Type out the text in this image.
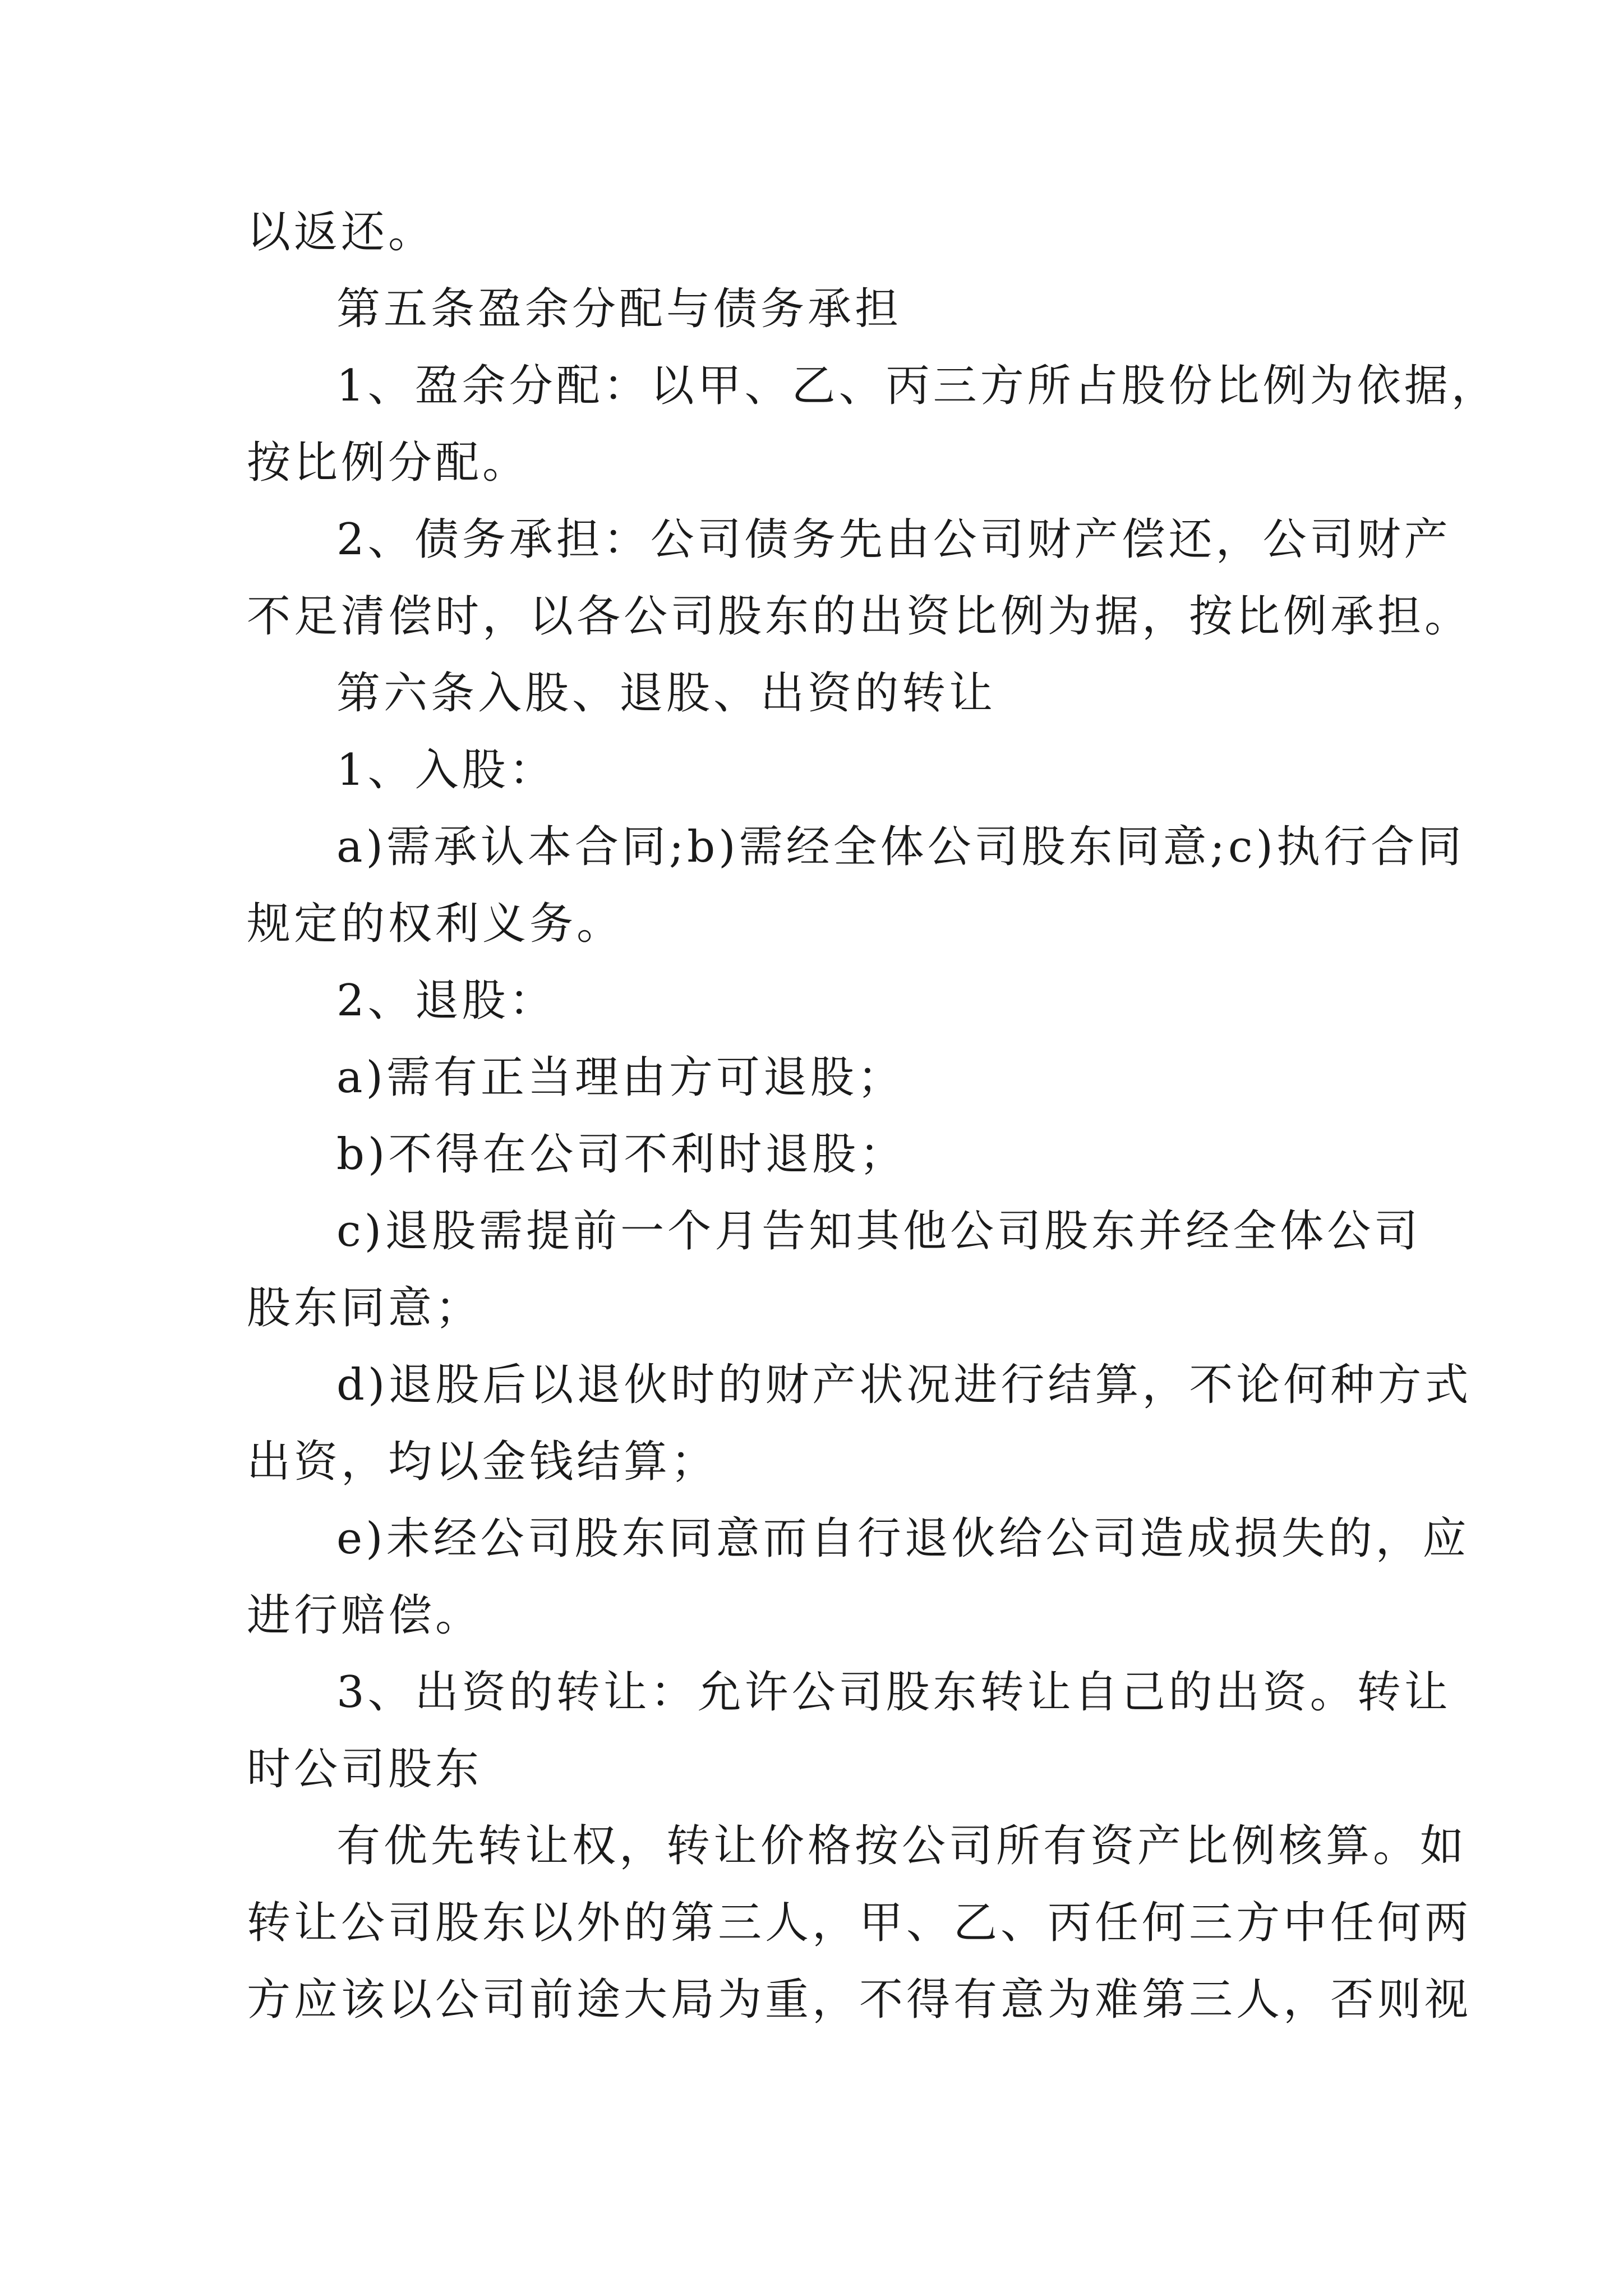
以返还。
第五条盈余分配与债务承担
1、盈余分配：以甲、乙、丙三方所占股份比例为依据，
按比例分配。
2、债务承担：公司债务先由公司财产偿还，公司财产
不足清偿时，以各公司股东的出资比例为据，按比例承担。
第六条入股、退股、出资的转让
1、入股：
a)需承认本合同;b)需经全体公司股东同意;c)执行合同
规定的权利义务。
2、退股：
a)需有正当理由方可退股；
b)不得在公司不利时退股；
c)退股需提前一个月告知其他公司股东并经全体公司
股东同意；
d)退股后以退伙时的财产状况进行结算，不论何种方式
出资，均以金钱结算；
e)未经公司股东同意而自行退伙给公司造成损失的，应
进行赔偿。
3、出资的转让：允许公司股东转让自己的出资。转让
时公司股东
有优先转让权，转让价格按公司所有资产比例核算。如
转让公司股东以外的第三人，甲、乙、丙任何三方中任何两
方应该以公司前途大局为重，不得有意为难第三人，否则视
